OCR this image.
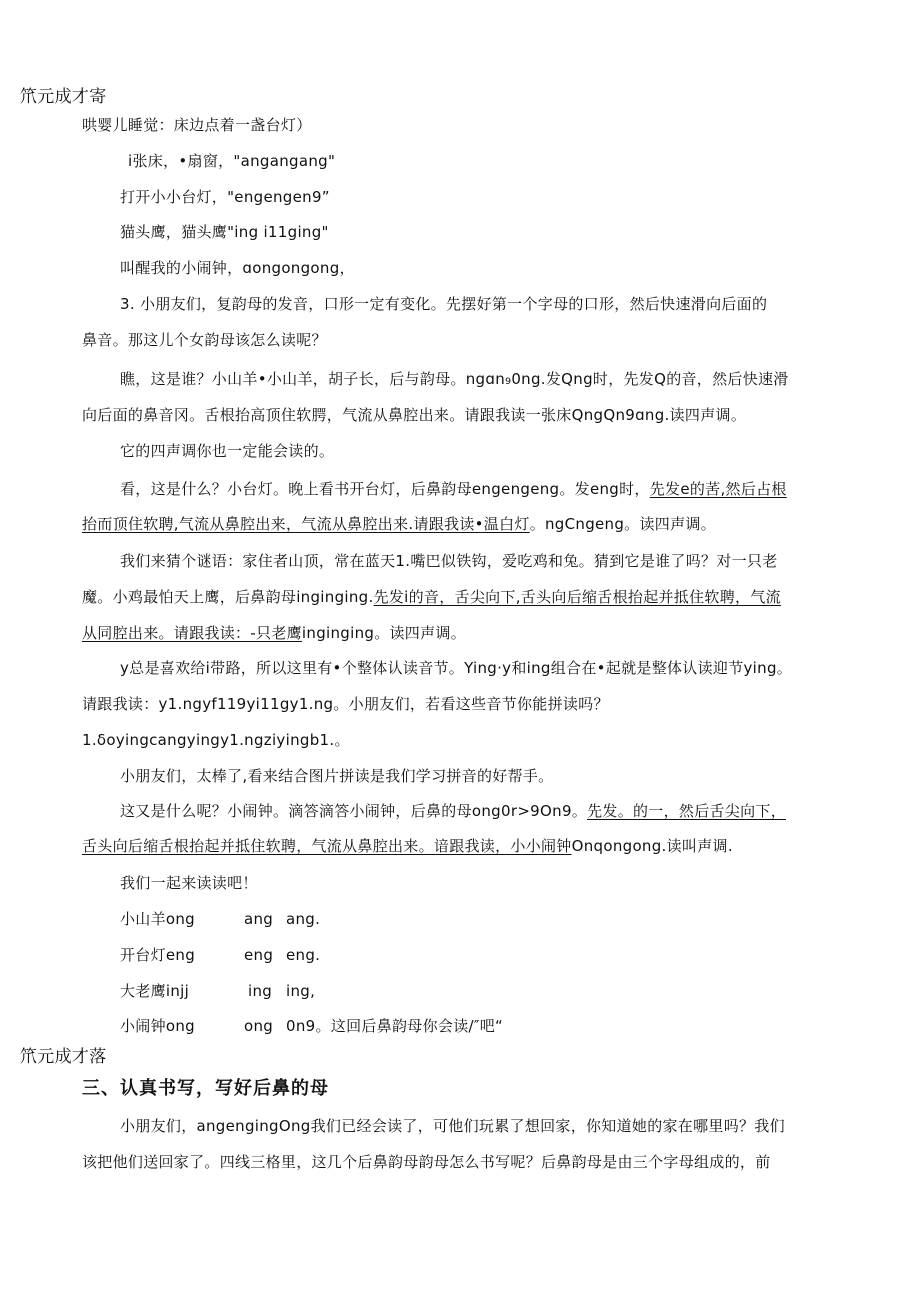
笊元成才寄
哄婴儿睡觉：床边点着一盏台灯）
i张床，•扇窗，"angangang"
打开小小台灯，"engengen9”
猫头鹰，猫头鹰"ing i11ging"
叫醒我的小闹钟，ɑongongong，
3. 小朋友们，复韵母的发音，口形一定有变化。先摆好第一个字母的口形，然后快速滑向后面的
鼻音。那这儿个女韵母该怎么读呢？
瞧，这是谁？小山羊•小山羊，胡子长，后与韵母。ngɑn₉0ng.发Qng时，先发Q的音，然后快速滑
向后面的鼻音冈。舌根抬高顶住软腭，气流从鼻腔出来。请跟我读一张床QngQn9ɑng.读四声调。
它的四声调你也一定能会读的。
看，这是什么？小台灯。晚上看书开台灯，后鼻韵母engengeng。发eng时，先发e的䒷,然后占根
抬而顶住软聘,气流从鼻腔出来，气流从鼻腔出来.请跟我读•温白灯。ngCngeng。读四声调。
我们来猜个谜语：家住者山顶，常在蓝天1.嘴巴似铁钩，爱吃鸡和兔。猜到它是谁了吗？对一只老
魔。小鸡最怕天上鹰，后鼻韵母inginging.先发i的音，舌尖向下,舌头向后缩舌根抬起并抵住软聘，气流
从同腔出来。请跟我读：-只老鹰inginging。读四声调。
y总是喜欢给i带路，所以这里有•个整体认读音节。Ying·y和ing组合在•起就是整体认读迎节ying。
请跟我读：y1.ngyf119yi11gy1.ng。小朋友们，若看这些音节你能拼读吗？
1.δoyingcangyingy1.ngziyingb1.。
小朋友们，太棒了,看来结合图片拼读是我们学习拼音的好帮手。
这又是什么呢？小闹钟。滴答滴答小闹钟，后鼻的母ong0r>9On9。先发。的一，然后舌尖向下，
舌头向后缩舌根抬起并抵住软聘，气流从鼻腔出来。谙跟我读，小小闹钟Onqongong.读叫声调.
我们一起来读读吧！
小山羊ong	ang ang.
开台灯eng	eng eng.
大老鹰injj	ing ing,
小闹钟ong	ong 0n9。这回后鼻韵母你会读/″吧“
笊元成才落
三、认真书写，写好后鼻的母
小朋友们，angengingOng我们已经会读了，可他们玩累了想回家，你知道她的家在哪里吗？我们
该把他们送回家了。四线三格里，这几个后鼻韵母韵母怎么书写呢？后鼻韵母是由三个字母组成的，前
